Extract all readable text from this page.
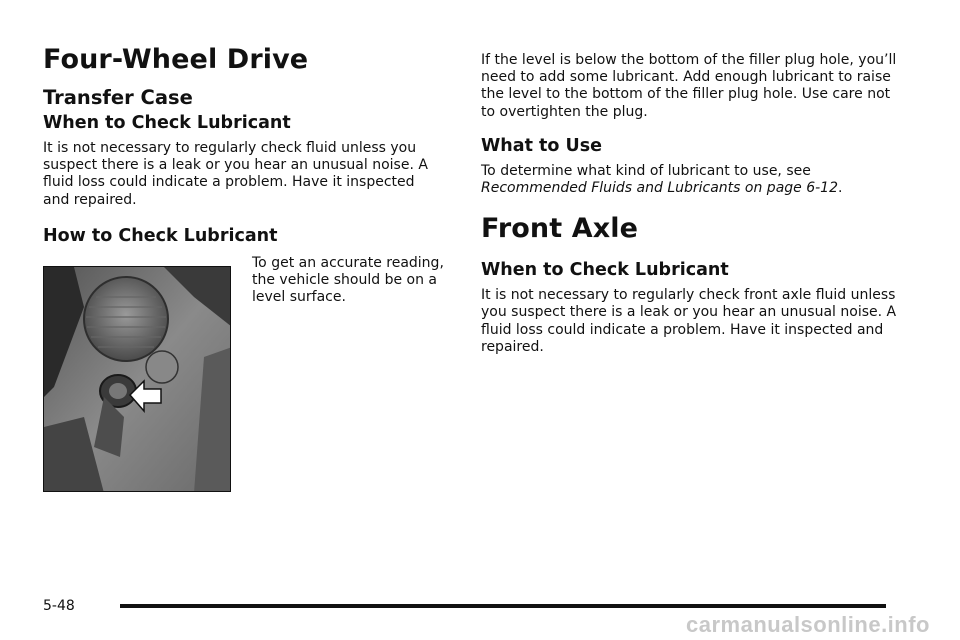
Four-Wheel Drive
Transfer Case
When to Check Lubricant

It is not necessary to regularly check fluid unless you suspect there is a leak or you hear an unusual noise. A fluid loss could indicate a problem. Have it inspected and repaired.

How to Check Lubricant

To get an accurate reading, the vehicle should be on a level surface.

If the level is below the bottom of the filler plug hole, you’ll need to add some lubricant. Add enough lubricant to raise the level to the bottom of the filler plug hole. Use care not to overtighten the plug.

What to Use

To determine what kind of lubricant to use, see
Recommended Fluids and Lubricants on page 6-12.

Front Axle
When to Check Lubricant

It is not necessary to regularly check front axle fluid unless you suspect there is a leak or you hear an unusual noise. A fluid loss could indicate a problem. Have it inspected and repaired.

5-48
carmanualsonline.info
